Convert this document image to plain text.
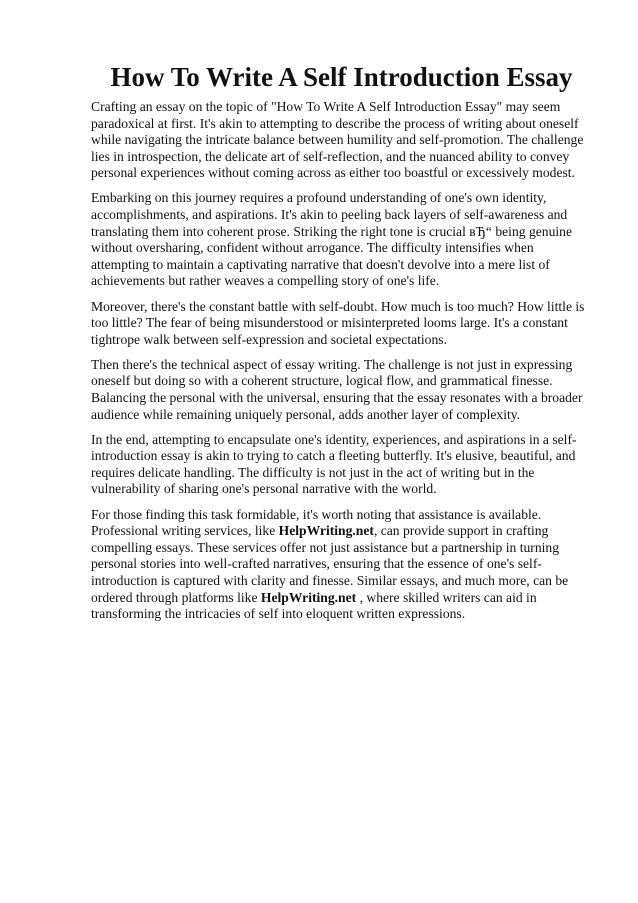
How To Write A Self Introduction Essay

Crafting an essay on the topic of "How To Write A Self Introduction Essay" may seem paradoxical at first. It's akin to attempting to describe the process of writing about oneself while navigating the intricate balance between humility and self-promotion. The challenge lies in introspection, the delicate art of self-reflection, and the nuanced ability to convey personal experiences without coming across as either too boastful or excessively modest.

Embarking on this journey requires a profound understanding of one's own identity, accomplishments, and aspirations. It's akin to peeling back layers of self-awareness and translating them into coherent prose. Striking the right tone is crucial вЂ“ being genuine without oversharing, confident without arrogance. The difficulty intensifies when attempting to maintain a captivating narrative that doesn't devolve into a mere list of achievements but rather weaves a compelling story of one's life.

Moreover, there's the constant battle with self-doubt. How much is too much? How little is too little? The fear of being misunderstood or misinterpreted looms large. It's a constant tightrope walk between self-expression and societal expectations.

Then there's the technical aspect of essay writing. The challenge is not just in expressing oneself but doing so with a coherent structure, logical flow, and grammatical finesse. Balancing the personal with the universal, ensuring that the essay resonates with a broader audience while remaining uniquely personal, adds another layer of complexity.

In the end, attempting to encapsulate one's identity, experiences, and aspirations in a self-introduction essay is akin to trying to catch a fleeting butterfly. It's elusive, beautiful, and requires delicate handling. The difficulty is not just in the act of writing but in the vulnerability of sharing one's personal narrative with the world.

For those finding this task formidable, it's worth noting that assistance is available. Professional writing services, like HelpWriting.net, can provide support in crafting compelling essays. These services offer not just assistance but a partnership in turning personal stories into well-crafted narratives, ensuring that the essence of one's self-introduction is captured with clarity and finesse. Similar essays, and much more, can be ordered through platforms like HelpWriting.net , where skilled writers can aid in transforming the intricacies of self into eloquent written expressions.
